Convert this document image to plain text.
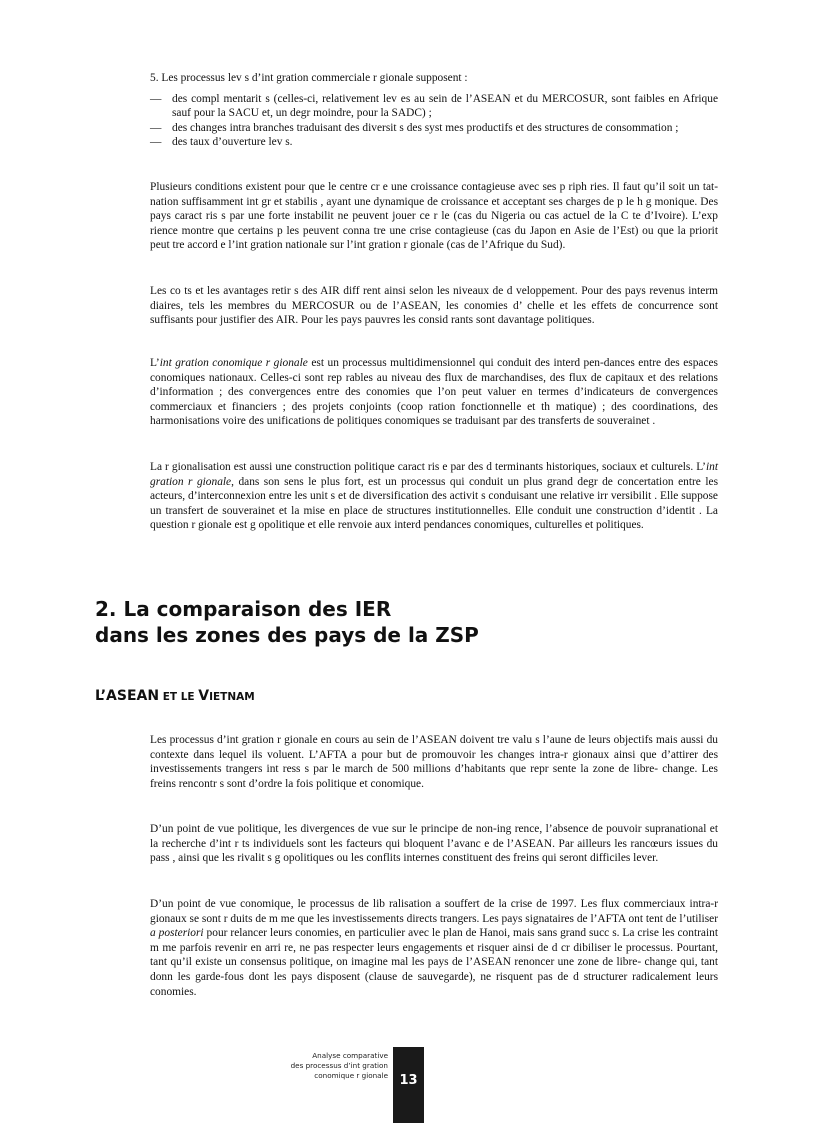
5. Les processus lev s d’int gration commerciale r gionale supposent :

— des compl mentarit s (celles-ci, relativement lev es au sein de l’ASEAN et du MERCOSUR, sont faibles en Afrique sauf pour la SACU et, un degr moindre, pour la SADC) ;
— des changes intra branches traduisant des diversit s des syst mes productifs et des structures de consommation ;
— des taux d’ouverture lev s.

Plusieurs conditions existent pour que le centre cr e une croissance contagieuse avec ses p riph ries. Il faut qu’il soit un tat-nation suffisamment int gr et stabilis , ayant une dynamique de croissance et acceptant ses charges de p le h g monique. Des pays caract ris s par une forte instabilit ne peuvent jouer ce r le (cas du Nigeria ou cas actuel de la C te d’Ivoire). L’exp rience montre que certains p les peuvent conna tre une crise contagieuse (cas du Japon en Asie de l’Est) ou que la priorit peut tre accord e l’int gration nationale sur l’int gration r gionale (cas de l’Afrique du Sud).

Les co ts et les avantages retir s des AIR diff rent ainsi selon les niveaux de d veloppement. Pour des pays revenus interm diaires, tels les membres du MERCOSUR ou de l’ASEAN, les conomies d’ chelle et les effets de concurrence sont suffisants pour justifier des AIR. Pour les pays pauvres les consid rants sont davantage politiques.

L’int gration conomique r gionale est un processus multidimensionnel qui conduit des interd pen-dances entre des espaces conomiques nationaux. Celles-ci sont rep rables au niveau des flux de marchandises, des flux de capitaux et des relations d’information ; des convergences entre des conomies que l’on peut valuer en termes d’indicateurs de convergences commerciaux et financiers ; des projets conjoints (coop ration fonctionnelle et th matique) ; des coordinations, des harmonisations voire des unifications de politiques conomiques se traduisant par des transferts de souverainet .

La r gionalisation est aussi une construction politique caract ris e par des d terminants historiques, sociaux et culturels. L’int gration r gionale, dans son sens le plus fort, est un processus qui conduit un plus grand degr de concertation entre les acteurs, d’interconnexion entre les unit s et de diversification des activit s conduisant une relative irr versibilit . Elle suppose un transfert de souverainet et la mise en place de structures institutionnelles. Elle conduit une construction d’identit . La question r gionale est g opolitique et elle renvoie aux interd pendances conomiques, culturelles et politiques.

2. La comparaison des IER
dans les zones des pays de la ZSP
L’ASEAN ET LE VIETNAM

Les processus d’int gration r gionale en cours au sein de l’ASEAN doivent tre valu s l’aune de leurs objectifs mais aussi du contexte dans lequel ils voluent. L’AFTA a pour but de promouvoir les changes intra-r gionaux ainsi que d’attirer des investissements trangers int ress s par le march de 500 millions d’habitants que repr sente la zone de libre- change. Les freins rencontr s sont d’ordre la fois politique et conomique.

D’un point de vue politique, les divergences de vue sur le principe de non-ing rence, l’absence de pouvoir supranational et la recherche d’int r ts individuels sont les facteurs qui bloquent l’avanc e de l’ASEAN. Par ailleurs les rancœurs issues du pass , ainsi que les rivalit s g opolitiques ou les conflits internes constituent des freins qui seront difficiles lever.

D’un point de vue conomique, le processus de lib ralisation a souffert de la crise de 1997. Les flux commerciaux intra-r gionaux se sont r duits de m me que les investissements directs trangers. Les pays signataires de l’AFTA ont tent de l’utiliser a posteriori pour relancer leurs conomies, en particulier avec le plan de Hanoi, mais sans grand succ s. La crise les contraint m me parfois revenir en arri re, ne pas respecter leurs engagements et risquer ainsi de d cr dibiliser le processus. Pourtant, tant qu’il existe un consensus politique, on imagine mal les pays de l’ASEAN renoncer une zone de libre- change qui, tant donn les garde-fous dont les pays disposent (clause de sauvegarde), ne risquent pas de d structurer radicalement leurs conomies.

Analyse comparative
des processus d’int gration
conomique r gionale 13
